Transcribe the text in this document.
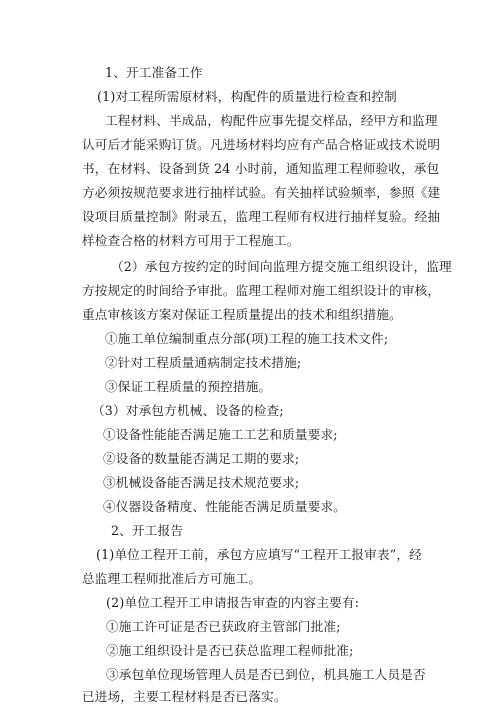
1、开工准备工作
(1)对工程所需原材料，构配件的质量进行检查和控制
工程材料、半成品，构配件应事先提交样品，经甲方和监理
认可后才能采购订货。凡进场材料均应有产品合格证或技术说明
书，在材料、设备到货 24 小时前，通知监理工程师验收，承包
方必须按规范要求进行抽样试验。有关抽样试验频率，参照《建
设项目质量控制》附录五，监理工程师有权进行抽样复验。经抽
样检查合格的材料方可用于工程施工。
（2）承包方按约定的时间向监理方提交施工组织设计，监理
方按规定的时间给予审批。监理工程师对施工组织设计的审核，
重点审核该方案对保证工程质量提出的技术和组织措施。
①施工单位编制重点分部(项)工程的施工技术文件;
②针对工程质量通病制定技术措施;
③保证工程质量的预控措施。
（3）对承包方机械、设备的检查;
①设备性能能否满足施工工艺和质量要求;
②设备的数量能否满足工期的要求;
③机械设备能否满足技术规范要求;
④仪器设备精度、性能能否满足质量要求。
2、开工报告
(1)单位工程开工前，承包方应填写“工程开工报审表”，经
总监理工程师批准后方可施工。
(2)单位工程开工申请报告审查的内容主要有:
①施工许可证是否已获政府主管部门批准;
②施工组织设计是否已获总监理工程师批准;
③承包单位现场管理人员是否已到位，机具施工人员是否
已进场，主要工程材料是否已落实。
